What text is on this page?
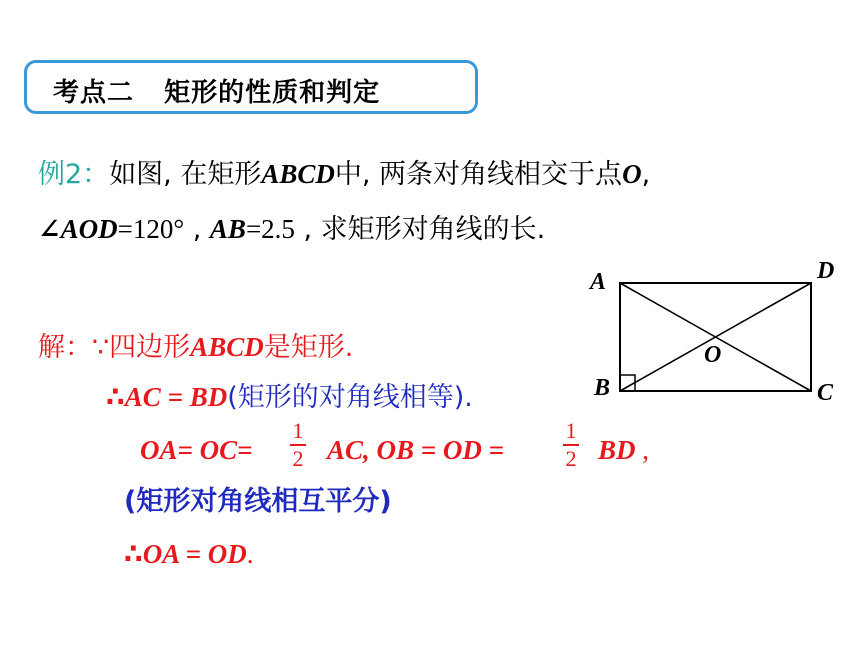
考点二   矩形的性质和判定
例2：如图, 在矩形ABCD中, 两条对角线相交于点O,
∠AOD=120° , AB=2.5 , 求矩形对角线的长.
解：∵四边形ABCD是矩形.
∴AC = BD(矩形的对角线相等).
OA= OC=
1
2 AC, OB = OD =
1
2 BD ,
(矩形对角线相互平分)
∴OA = OD.
A
B	C
D
O
